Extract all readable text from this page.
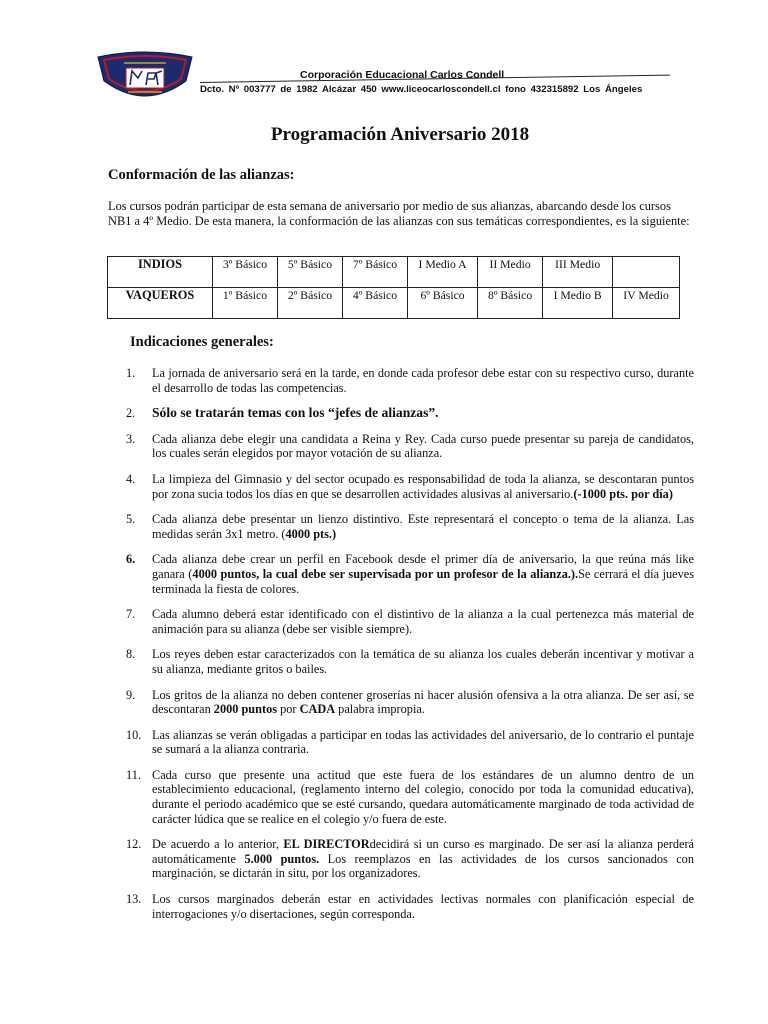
Corporación Educacional Carlos Condell
Dcto. Nº 003777 de 1982 Alcázar 450 www.liceocarloscondell.cl fono 432315892 Los Ángeles
Programación Aniversario 2018
Conformación de las alianzas:
Los cursos podrán participar de esta semana de aniversario por medio de sus alianzas, abarcando desde los cursos NB1 a 4º Medio. De esta manera, la conformación de las alianzas con sus temáticas correspondientes, es la siguiente:
INDIOS	3º Básico	5º Básico	7º Básico	I Medio A	II Medio	III Medio	
VAQUEROS	1º Básico	2º Básico	4º Básico	6º Básico	8º Básico	I Medio B	IV Medio
Indicaciones generales:
1. La jornada de aniversario será en la tarde, en donde cada profesor debe estar con su respectivo curso, durante el desarrollo de todas las competencias.
2. Sólo se tratarán temas con los “jefes de alianzas”.
3. Cada alianza debe elegir una candidata a Reina y Rey. Cada curso puede presentar su pareja de candidatos, los cuales serán elegidos por mayor votación de su alianza.
4. La limpieza del Gimnasio y del sector ocupado es responsabilidad de toda la alianza, se descontaran puntos por zona sucia todos los días en que se desarrollen actividades alusivas al aniversario.(-1000 pts. por día)
5. Cada alianza debe presentar un lienzo distintivo. Este representará el concepto o tema de la alianza. Las medidas serán 3x1 metro. (4000 pts.)
6. Cada alianza debe crear un perfil en Facebook desde el primer día de aniversario, la que reúna más like ganara (4000 puntos, la cual debe ser supervisada por un profesor de la alianza.).Se cerrará el día jueves terminada la fiesta de colores.
7. Cada alumno deberá estar identificado con el distintivo de la alianza a la cual pertenezca más material de animación para su alianza (debe ser visible siempre).
8. Los reyes deben estar caracterizados con la temática de su alianza los cuales deberán incentivar y motivar a su alianza, mediante gritos o bailes.
9. Los gritos de la alianza no deben contener groserías ni hacer alusión ofensiva a la otra alianza. De ser así, se descontaran 2000 puntos por CADA palabra impropia.
10. Las alianzas se verán obligadas a participar en todas las actividades del aniversario, de lo contrario el puntaje se sumará a la alianza contraria.
11. Cada curso que presente una actitud que este fuera de los estándares de un alumno dentro de un establecimiento educacional, (reglamento interno del colegio, conocido por toda la comunidad educativa), durante el periodo académico que se esté cursando, quedara automáticamente marginado de toda actividad de carácter lúdica que se realice en el colegio y/o fuera de este.
12. De acuerdo a lo anterior, EL DIRECTORdecidirá si un curso es marginado. De ser así la alianza perderá automáticamente 5.000 puntos. Los reemplazos en las actividades de los cursos sancionados con marginación, se dictarán in situ, por los organizadores.
13. Los cursos marginados deberán estar en actividades lectivas normales con planificación especial de interrogaciones y/o disertaciones, según corresponda.
